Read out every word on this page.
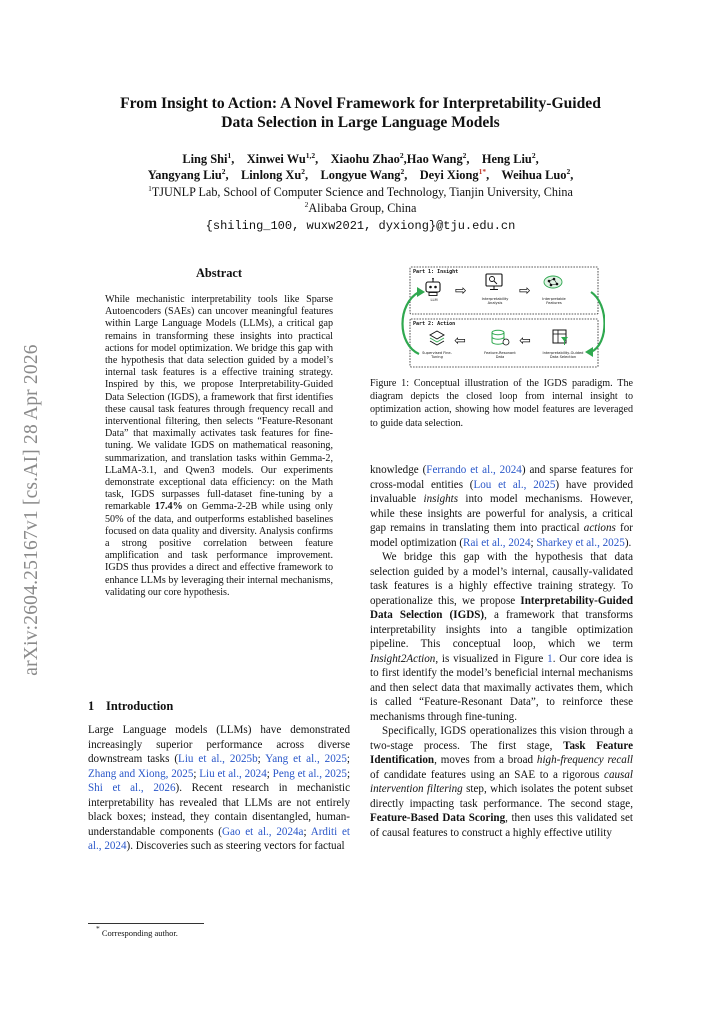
arXiv:2604.25167v1 [cs.AI] 28 Apr 2026
From Insight to Action: A Novel Framework for Interpretability-Guided
Data Selection in Large Language Models
Ling Shi$^1$,    Xinwei Wu$^{1,2}$,    Xiaohu Zhao$^2$,Hao Wang$^2$,    Heng Liu$^2$,
Yangyang Liu$^2$,    Linlong Xu$^2$,    Longyue Wang$^2$,    Deyi Xiong$^{1*}$,    Weihua Luo$^2$,
$^1$TJUNLP Lab, School of Computer Science and Technology, Tianjin University, China
$^2$Alibaba Group, China
{shiling_100, wuxw2021, dyxiong}@tju.edu.cn
Abstract
While mechanistic interpretability tools like Sparse Autoencoders (SAEs) can uncover meaningful features within Large Language Models (LLMs), a critical gap remains in transforming these insights into practical actions for model optimization. We bridge this gap with the hypothesis that data selection guided by a model’s internal task features is a effective training strategy. Inspired by this, we propose Interpretability-Guided Data Selection (IGDS), a framework that first identifies these causal task features through frequency recall and interventional filtering, then selects “Feature-Resonant Data” that maximally activates task features for fine-tuning. We validate IGDS on mathematical reasoning, summarization, and translation tasks within Gemma-2, LLaMA-3.1, and Qwen3 models. Our experiments demonstrate exceptional data efficiency: on the Math task, IGDS surpasses full-dataset fine-tuning by a remarkable 17.4% on Gemma-2-2B while using only 50% of the data, and outperforms established baselines focused on data quality and diversity. Analysis confirms a strong positive correlation between feature amplification and task performance improvement. IGDS thus provides a direct and effective framework to enhance LLMs by leveraging their internal mechanisms, validating our core hypothesis.
1 Introduction
Large Language models (LLMs) have demonstrated increasingly superior performance across diverse downstream tasks (Liu et al., 2025b; Yang et al., 2025; Zhang and Xiong, 2025; Liu et al., 2024; Peng et al., 2025; Shi et al., 2026). Recent research in mechanistic interpretability has revealed that LLMs are not entirely black boxes; instead, they contain disentangled, human-understandable components (Gao et al., 2024a; Arditi et al., 2024). Discoveries such as steering vectors for factual
* Corresponding author.
Part 1: Insight
Part 2: Action
⇨	⇨
⇦	⇦
LLM	Interpretability Analysis
Interpretable Features
Supervised Fine-Tuning
Feature-Resonant Data
Interpretability-Guided Data Selection
Figure 1: Conceptual illustration of the IGDS paradigm. The diagram depicts the closed loop from internal insight to optimization action, showing how model features are leveraged to guide data selection.

knowledge (Ferrando et al., 2024) and sparse features for cross-modal entities (Lou et al., 2025) have provided invaluable insights into model mechanisms. However, while these insights are powerful for analysis, a critical gap remains in translating them into practical actions for model optimization (Rai et al., 2024; Sharkey et al., 2025).

We bridge this gap with the hypothesis that data selection guided by a model’s internal, causally-validated task features is a highly effective training strategy. To operationalize this, we propose Interpretability-Guided Data Selection (IGDS), a framework that transforms interpretability insights into a tangible optimization pipeline. This conceptual loop, which we term Insight2Action, is visualized in Figure 1. Our core idea is to first identify the model’s beneficial internal mechanisms and then select data that maximally activates them, which is called “Feature-Resonant Data”, to reinforce these mechanisms through fine-tuning.

Specifically, IGDS operationalizes this vision through a two-stage process. The first stage, Task Feature Identification, moves from a broad high-frequency recall of candidate features using an SAE to a rigorous causal intervention filtering step, which isolates the potent subset directly impacting task performance. The second stage, Feature-Based Data Scoring, then uses this validated set of causal features to construct a highly effective utility
